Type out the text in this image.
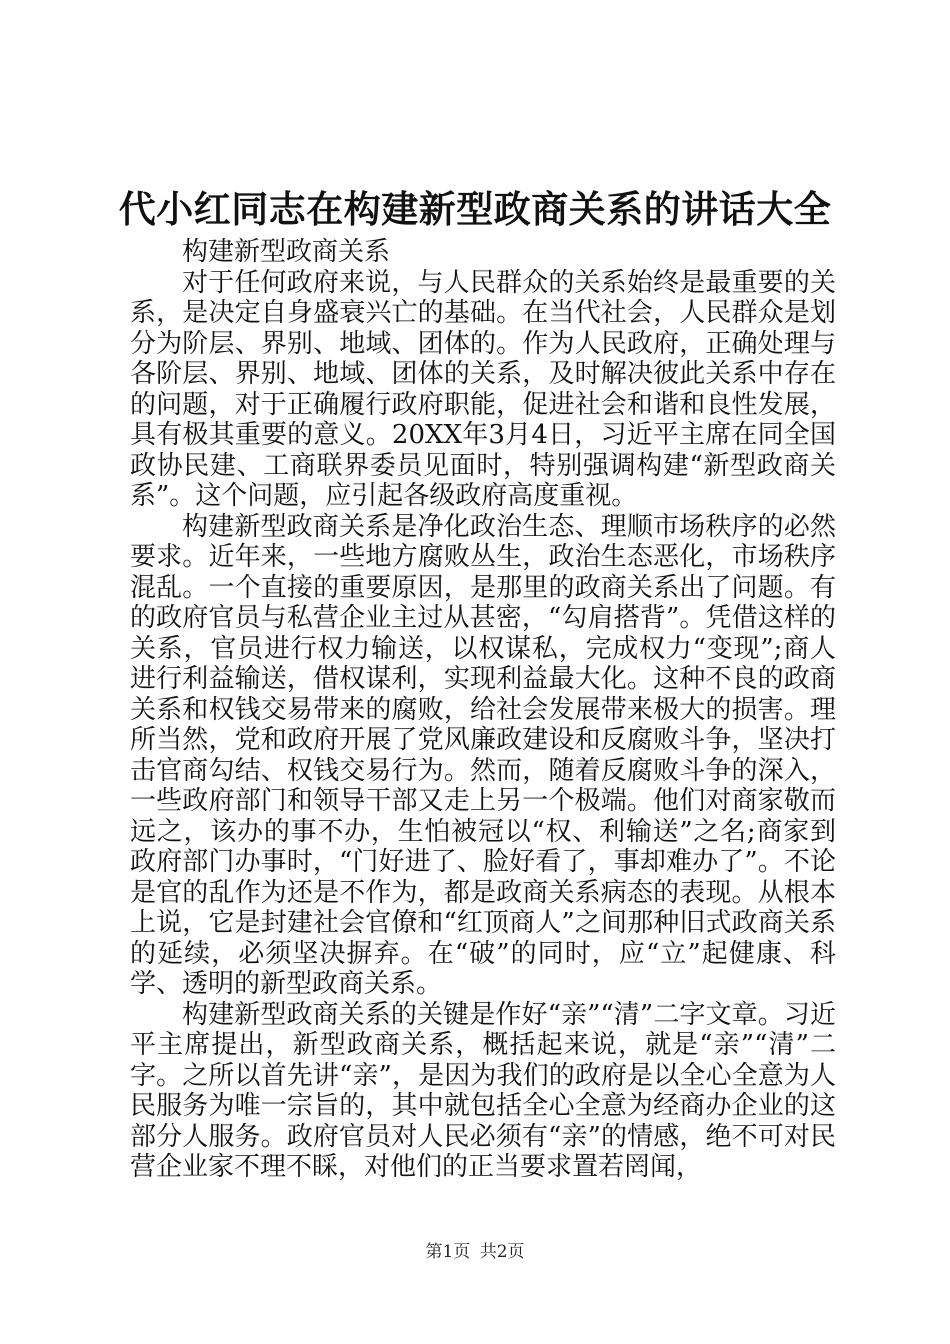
代小红同志在构建新型政商关系的讲话大全

构建新型政商关系

对于任何政府来说，与人民群众的关系始终是最重要的关系，是决定自身盛衰兴亡的基础。在当代社会，人民群众是划分为阶层、界别、地域、团体的。作为人民政府，正确处理与各阶层、界别、地域、团体的关系，及时解决彼此关系中存在的问题，对于正确履行政府职能，促进社会和谐和良性发展，具有极其重要的意义。20XX年3月4日，习近平主席在同全国政协民建、工商联界委员见面时，特别强调构建“新型政商关系”。这个问题，应引起各级政府高度重视。

构建新型政商关系是净化政治生态、理顺市场秩序的必然要求。近年来，一些地方腐败丛生，政治生态恶化，市场秩序混乱。一个直接的重要原因，是那里的政商关系出了问题。有的政府官员与私营企业主过从甚密，“勾肩搭背”。凭借这样的关系，官员进行权力输送，以权谋私，完成权力“变现”;商人进行利益输送，借权谋利，实现利益最大化。这种不良的政商关系和权钱交易带来的腐败，给社会发展带来极大的损害。理所当然，党和政府开展了党风廉政建设和反腐败斗争，坚决打击官商勾结、权钱交易行为。然而，随着反腐败斗争的深入，一些政府部门和领导干部又走上另一个极端。他们对商家敬而远之，该办的事不办，生怕被冠以“权、利输送”之名;商家到政府部门办事时，“门好进了、脸好看了，事却难办了”。不论是官的乱作为还是不作为，都是政商关系病态的表现。从根本上说，它是封建社会官僚和“红顶商人”之间那种旧式政商关系的延续，必须坚决摒弃。在“破”的同时，应“立”起健康、科学、透明的新型政商关系。

构建新型政商关系的关键是作好“亲”“清”二字文章。习近平主席提出，新型政商关系，概括起来说，就是“亲”“清”二字。之所以首先讲“亲”，是因为我们的政府是以全心全意为人民服务为唯一宗旨的，其中就包括全心全意为经商办企业的这部分人服务。政府官员对人民必须有“亲”的情感，绝不可对民营企业家不理不睬，对他们的正当要求置若罔闻，

第1页 共2页
